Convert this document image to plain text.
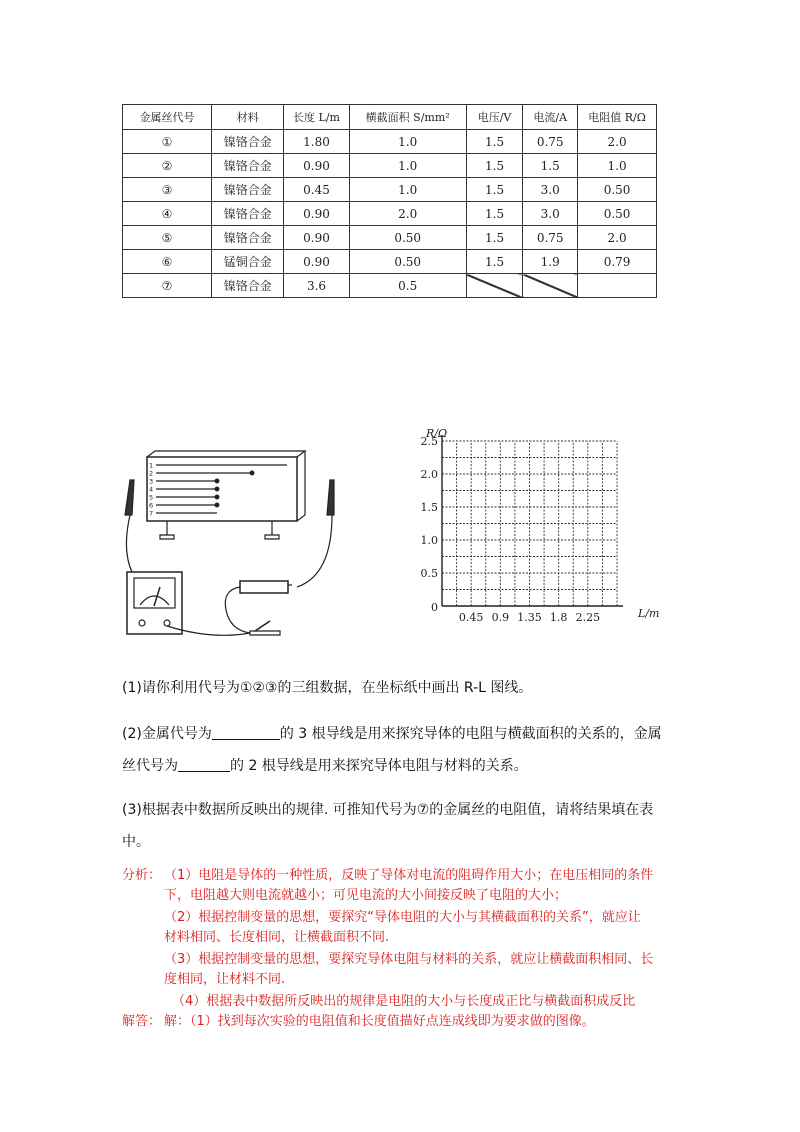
金属丝代号	材料	长度 L/m	横截面积 S/mm²	电压/V	电流/A	电阻值 R/Ω
①	镍铬合金	1.80	1.0	1.5	0.75	2.0
②	镍铬合金	0.90	1.0	1.5	1.5	1.0
③	镍铬合金	0.45	1.0	1.5	3.0	0.50
④	镍铬合金	0.90	2.0	1.5	3.0	0.50
⑤	镍铬合金	0.90	0.50	1.5	0.75	2.0
⑥	锰铜合金	0.90	0.50	1.5	1.9	0.79
⑦	镍铬合金	3.6	0.5			
1
2
3
4
5
6
7
0.45 0.9 1.35 1.8 2.25
0.5
1.0
1.5
2.0
2.5
0
R/Ω
L/m
(1)请你利用代号为①②③的三组数据，在坐标纸中画出 R-L 图线。
(2)金属代号为	的 3 根导线是用来探究导体的电阻与横截面积的关系的，金属
丝代号为	的 2 根导线是用来探究导体电阻与材料的关系。
(3)根据表中数据所反映出的规律. 可推知代号为⑦的金属丝的电阻值，请将结果填在表
中。
分析： （1）电阻是导体的一种性质，反映了导体对电流的阻碍作用大小；在电压相同的条件
下，电阻越大则电流就越小；可见电流的大小间接反映了电阻的大小；
（2）根据控制变量的思想，要探究“导体电阻的大小与其横截面积的关系”，就应让
材料相同、长度相同，让横截面积不同.
（3）根据控制变量的思想，要探究导体电阻与材料的关系，就应让横截面积相同、长
度相同，让材料不同.
（4）根据表中数据所反映出的规律是电阻的大小与长度成正比与横截面积成反比
解答： 解：（1）找到每次实验的电阻值和长度值描好点连成线即为要求做的图像。
